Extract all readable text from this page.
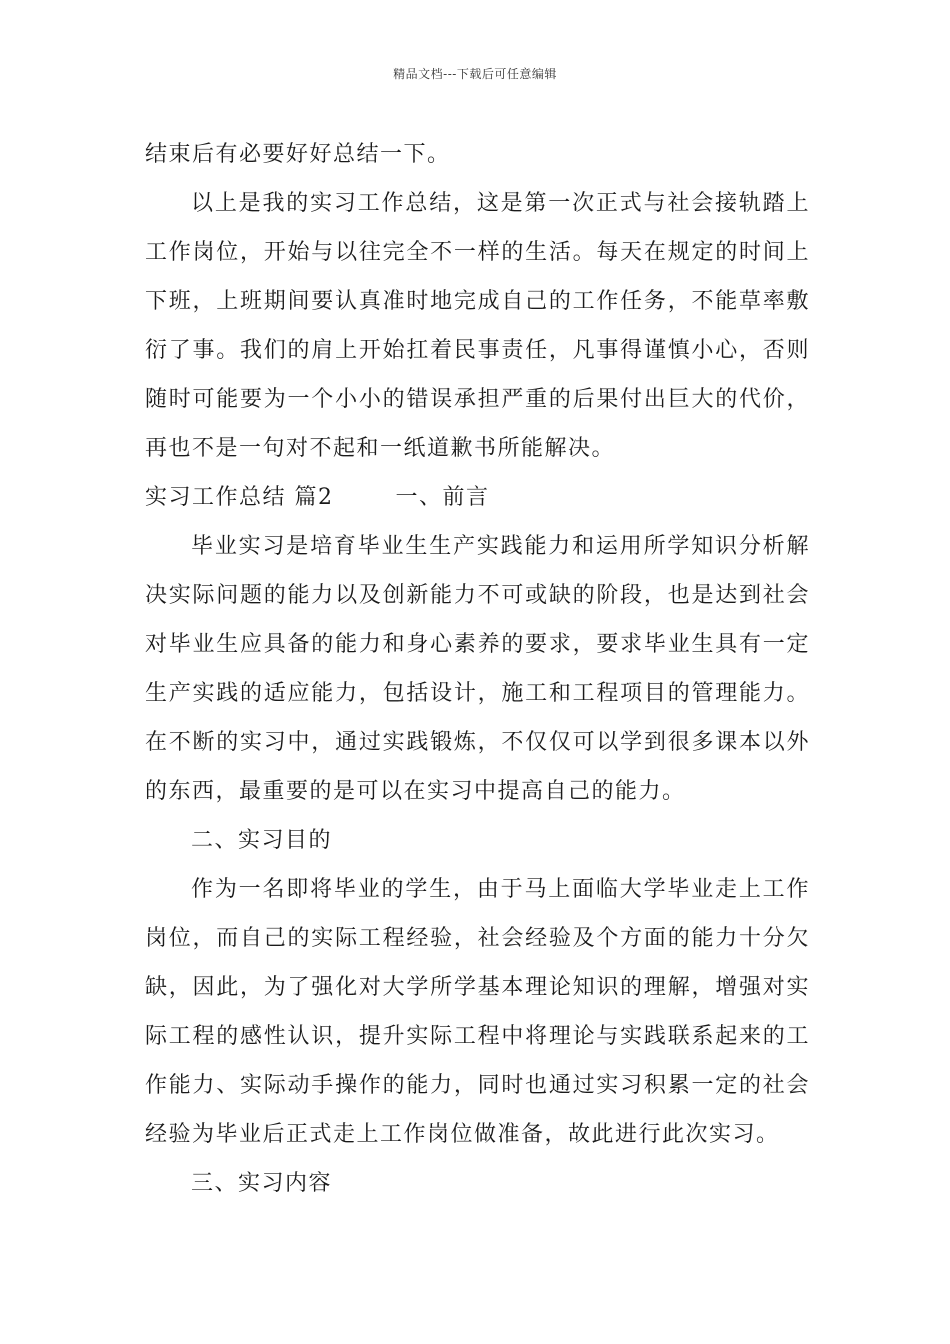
精品文档---下载后可任意编辑

结束后有必要好好总结一下。

以上是我的实习工作总结，这是第一次正式与社会接轨踏上工作岗位，开始与以往完全不一样的生活。每天在规定的时间上下班，上班期间要认真准时地完成自己的工作任务，不能草率敷衍了事。我们的肩上开始扛着民事责任，凡事得谨慎小心，否则随时可能要为一个小小的错误承担严重的后果付出巨大的代价，再也不是一句对不起和一纸道歉书所能解决。

实习工作总结 篇2	一、前言

毕业实习是培育毕业生生产实践能力和运用所学知识分析解决实际问题的能力以及创新能力不可或缺的阶段，也是达到社会对毕业生应具备的能力和身心素养的要求，要求毕业生具有一定生产实践的适应能力，包括设计，施工和工程项目的管理能力。在不断的实习中，通过实践锻炼，不仅仅可以学到很多课本以外的东西，最重要的是可以在实习中提高自己的能力。

二、实习目的

作为一名即将毕业的学生，由于马上面临大学毕业走上工作岗位，而自己的实际工程经验，社会经验及个方面的能力十分欠缺，因此，为了强化对大学所学基本理论知识的理解，增强对实际工程的感性认识，提升实际工程中将理论与实践联系起来的工作能力、实际动手操作的能力，同时也通过实习积累一定的社会经验为毕业后正式走上工作岗位做准备，故此进行此次实习。

三、实习内容
